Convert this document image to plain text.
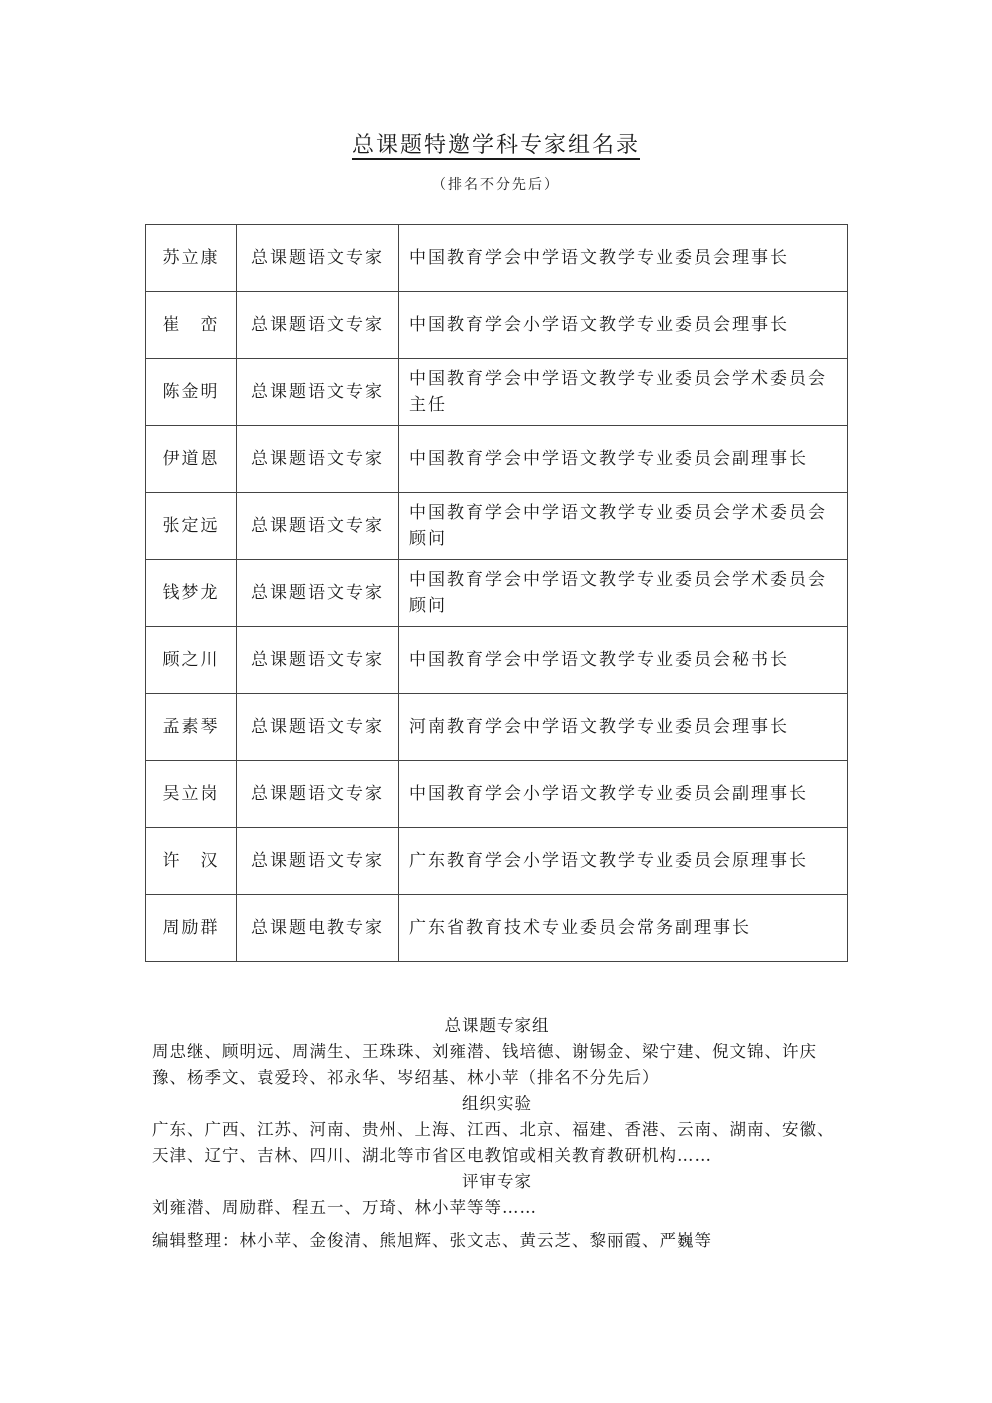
总课题特邀学科专家组名录
（排名不分先后）
苏立康	总课题语文专家	中国教育学会中学语文教学专业委员会理事长
崔　峦	总课题语文专家	中国教育学会小学语文教学专业委员会理事长
陈金明	总课题语文专家	中国教育学会中学语文教学专业委员会学术委员会主任
伊道恩	总课题语文专家	中国教育学会中学语文教学专业委员会副理事长
张定远	总课题语文专家	中国教育学会中学语文教学专业委员会学术委员会顾问
钱梦龙	总课题语文专家	中国教育学会中学语文教学专业委员会学术委员会顾问
顾之川	总课题语文专家	中国教育学会中学语文教学专业委员会秘书长
孟素琴	总课题语文专家	河南教育学会中学语文教学专业委员会理事长
吴立岗	总课题语文专家	中国教育学会小学语文教学专业委员会副理事长
许　汉	总课题语文专家	广东教育学会小学语文教学专业委员会原理事长
周励群	总课题电教专家	广东省教育技术专业委员会常务副理事长
总课题专家组
周忠继、顾明远、周满生、王珠珠、刘雍潜、钱培德、谢锡金、梁宁建、倪文锦、许庆豫、杨季文、袁爱玲、祁永华、岑绍基、林小苹（排名不分先后）
组织实验
广东、广西、江苏、河南、贵州、上海、江西、北京、福建、香港、云南、湖南、安徽、天津、辽宁、吉林、四川、湖北等市省区电教馆或相关教育教研机构……
评审专家
刘雍潜、周励群、程五一、万琦、林小苹等等……
编辑整理：林小苹、金俊清、熊旭辉、张文志、黄云芝、黎丽霞、严巍等
